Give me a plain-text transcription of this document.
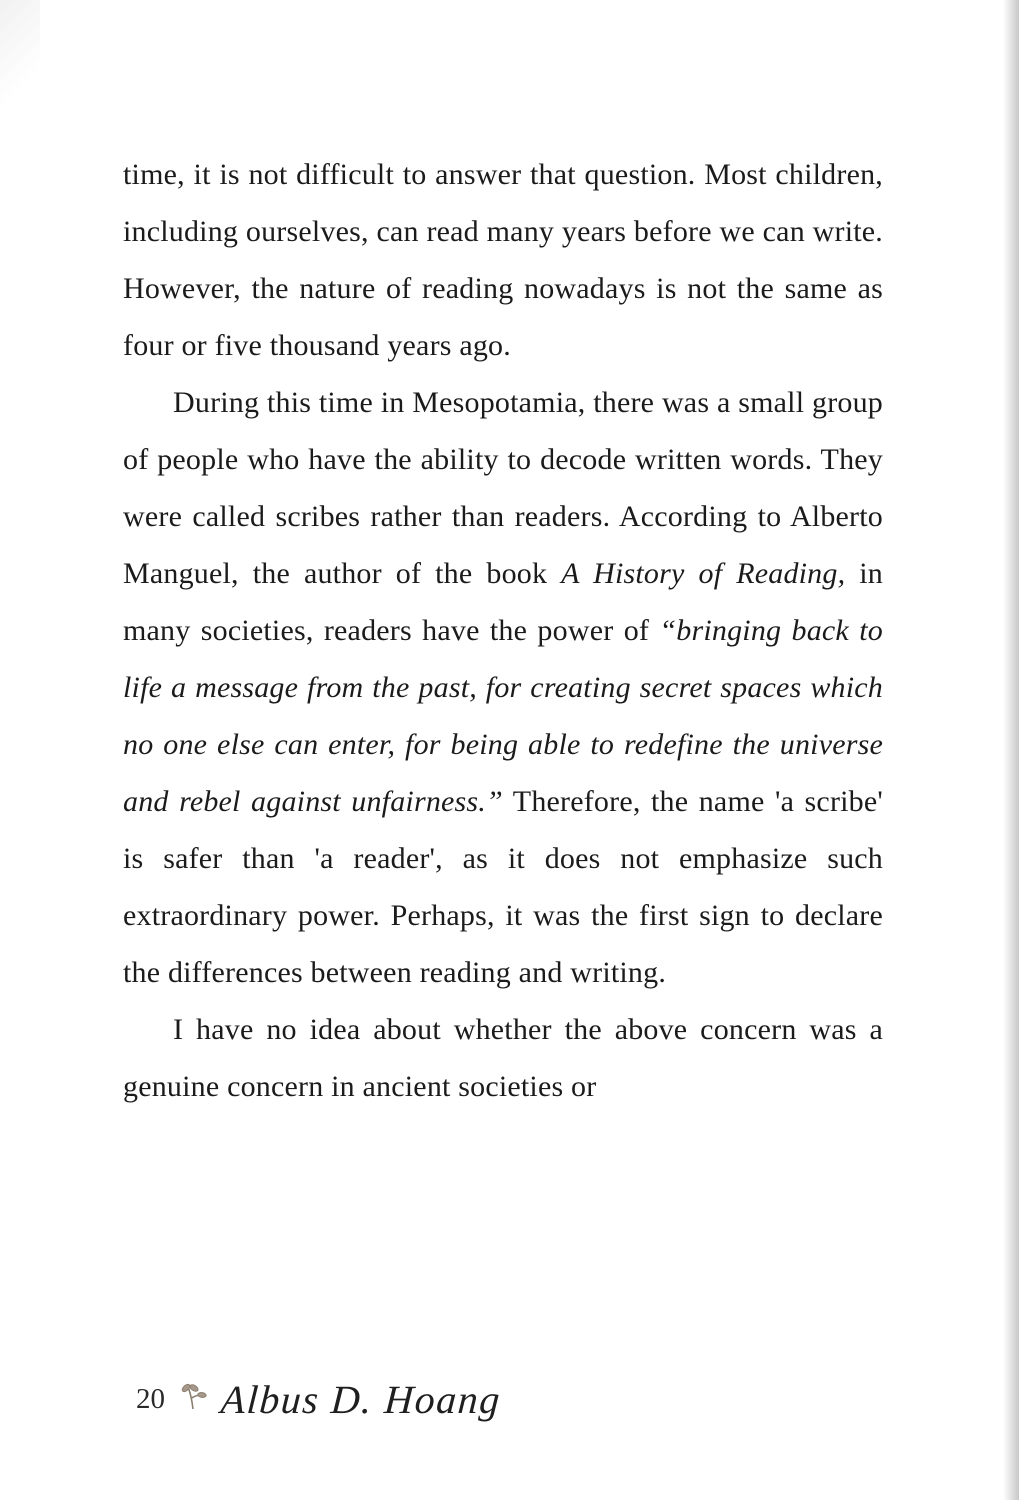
time, it is not difficult to answer that question. Most children, including ourselves, can read many years before we can write. However, the nature of reading nowadays is not the same as four or five thousand years ago.

During this time in Mesopotamia, there was a small group of people who have the ability to decode written words. They were called scribes rather than readers. According to Alberto Manguel, the author of the book A History of Reading, in many societies, readers have the power of “bringing back to life a message from the past, for creating secret spaces which no one else can enter, for being able to redefine the universe and rebel against unfairness.” Therefore, the name 'a scribe' is safer than 'a reader', as it does not emphasize such extraordinary power. Perhaps, it was the first sign to declare the differences between reading and writing.

I have no idea about whether the above concern was a genuine concern in ancient societies or

20 Albus D. Hoang
